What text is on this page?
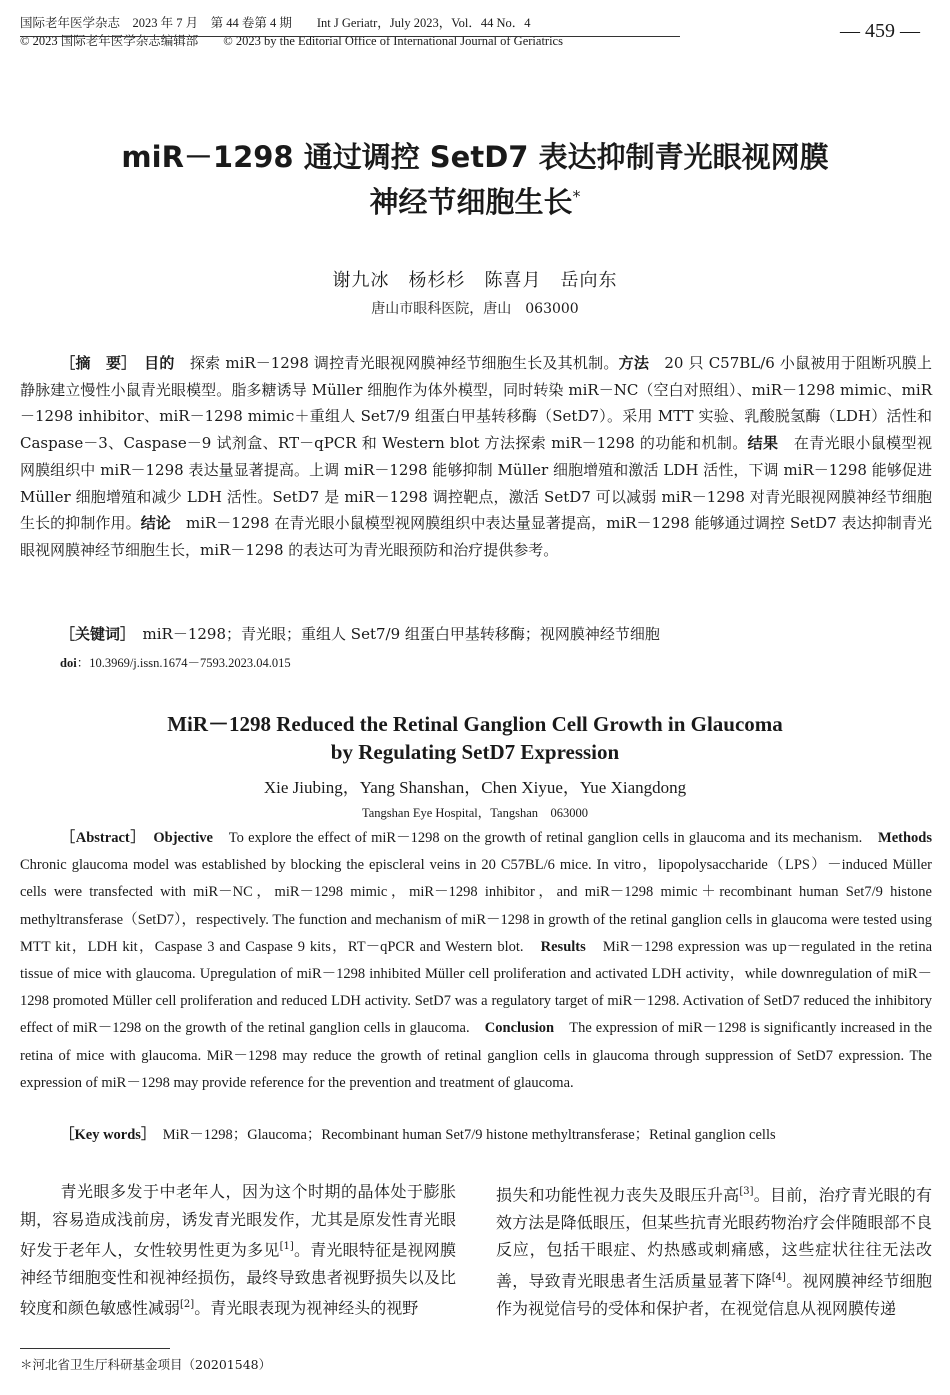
国际老年医学杂志　2023 年 7 月　第 44 卷第 4 期　　Int J Geriatr，July 2023，Vol．44 No．4
© 2023 国际老年医学杂志编辑部　　© 2023 by the Editorial Office of International Journal of Geriatrics	— 459 —
miR－1298 通过调控 SetD7 表达抑制青光眼视网膜
神经节细胞生长*
谢九冰　杨杉杉　陈喜月　岳向东
唐山市眼科医院，唐山　063000
［摘　要］　 目的　 探索 miR－1298 调控青光眼视网膜神经节细胞生长及其机制。方法　 20 只 C57BL/6 小鼠被用于阻断巩膜上静脉建立慢性小鼠青光眼模型。脂多糖诱导 Müller 细胞作为体外模型，同时转染 miR－NC（空白对照组）、miR－1298 mimic、miR－1298 inhibitor、miR－1298 mimic＋重组人 Set7/9 组蛋白甲基转移酶（SetD7）。采用 MTT 实验、乳酸脱氢酶（LDH）活性和 Caspase－3、Caspase－9 试剂盒、RT－qPCR 和 Western blot 方法探索 miR－1298 的功能和机制。结果　 在青光眼小鼠模型视网膜组织中 miR－1298 表达量显著提高。上调 miR－1298 能够抑制 Müller 细胞增殖和激活 LDH 活性，下调 miR－1298 能够促进 Müller 细胞增殖和减少 LDH 活性。SetD7 是 miR－1298 调控靶点，激活 SetD7 可以减弱 miR－1298 对青光眼视网膜神经节细胞生长的抑制作用。结论　 miR－1298 在青光眼小鼠模型视网膜组织中表达量显著提高，miR－1298 能够通过调控 SetD7 表达抑制青光眼视网膜神经节细胞生长，miR－1298 的表达可为青光眼预防和治疗提供参考。
［关键词］　 miR－1298；青光眼；重组人 Set7/9 组蛋白甲基转移酶；视网膜神经节细胞
doi：10.3969/j.issn.1674－7593.2023.04.015
MiR－1298 Reduced the Retinal Ganglion Cell Growth in Glaucoma
by Regulating SetD7 Expression
Xie Jiubing，Yang Shanshan，Chen Xiyue，Yue Xiangdong
Tangshan Eye Hospital，Tangshan　063000
［Abstract］　 Objective　 To explore the effect of miR－1298 on the growth of retinal ganglion cells in glaucoma and its mechanism.　 Methods　Chronic glaucoma model was established by blocking the episcleral veins in 20 C57BL/6 mice. In vitro，lipopolysaccharide（LPS）－induced Müller cells were transfected with miR－NC，miR－1298 mimic，miR－1298 inhibitor，and miR－1298 mimic＋recombinant human Set7/9 histone methyltransferase（SetD7），respectively. The function and mechanism of miR－1298 in growth of the retinal ganglion cells in glaucoma were tested using MTT kit，LDH kit，Caspase 3 and Caspase 9 kits，RT－qPCR and Western blot.　 Results　 MiR－1298 expression was up－regulated in the retina tissue of mice with glaucoma. Upregulation of miR－1298 inhibited Müller cell proliferation and activated LDH activity，while downregulation of miR－1298 promoted Müller cell proliferation and reduced LDH activity. SetD7 was a regulatory target of miR－1298. Activation of SetD7 reduced the inhibitory effect of miR－1298 on the growth of the retinal ganglion cells in glaucoma.　 Conclusion　 The expression of miR－1298 is significantly increased in the retina of mice with glaucoma. MiR－1298 may reduce the growth of retinal ganglion cells in glaucoma through suppression of SetD7 expression. The expression of miR－1298 may provide reference for the prevention and treatment of glaucoma.
［Key words］　 MiR－1298；Glaucoma；Recombinant human Set7/9 histone methyltransferase；Retinal ganglion cells
青光眼多发于中老年人，因为这个时期的晶体处于膨胀期，容易造成浅前房，诱发青光眼发作，尤其是原发性青光眼好发于老年人，女性较男性更为多见[1]。青光眼特征是视网膜神经节细胞变性和视神经损伤，最终导致患者视野损失以及比较度和颜色敏感性减弱[2]。青光眼表现为视神经头的视野
损失和功能性视力丧失及眼压升高[3]。目前，治疗青光眼的有效方法是降低眼压，但某些抗青光眼药物治疗会伴随眼部不良反应，包括干眼症、灼热感或刺痛感，这些症状往往无法改善，导致青光眼患者生活质量显著下降[4]。视网膜神经节细胞作为视觉信号的受体和保护者，在视觉信息从视网膜传递
＊河北省卫生厅科研基金项目（20201548）
